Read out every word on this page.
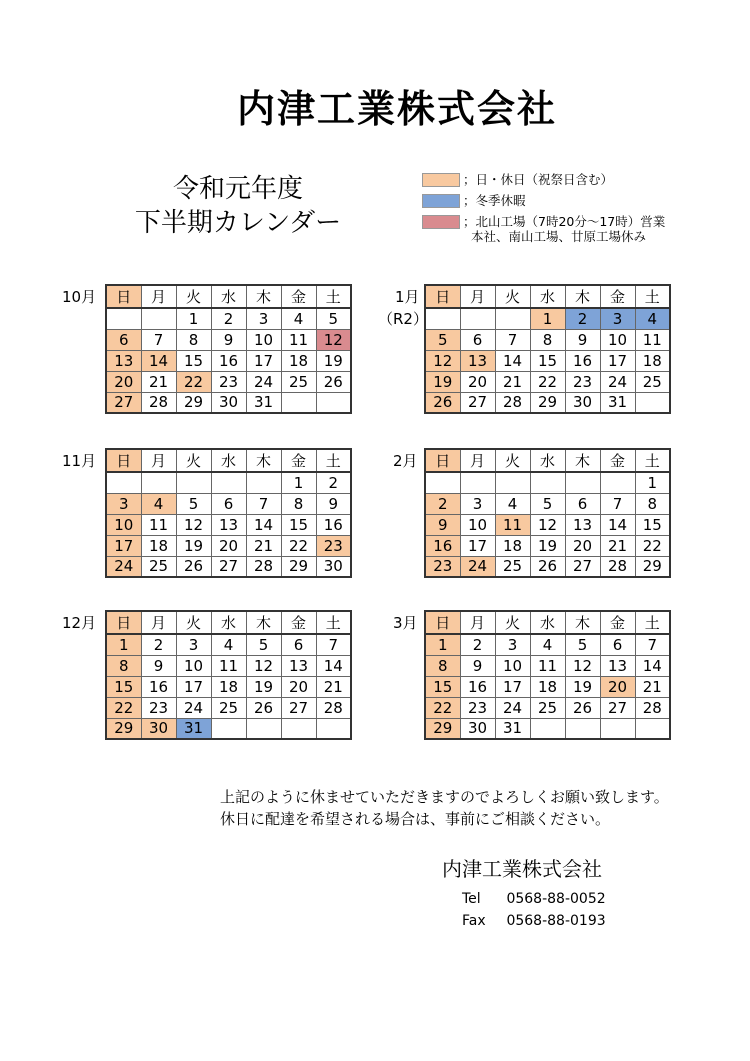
内津工業株式会社
令和元年度
下半期カレンダー
；日・休日（祝祭日含む）
；冬季休暇
；北山工場（7時20分～17時）営業
本社、南山工場、廿原工場休み
10月 日	月	火	水	木	金	土
		1	2	3	4	5
6	7	8	9	10	11	12
13	14	15	16	17	18	19
20	21	22	23	24	25	26
27	28	29	30	31		
1月
（R2）
日	月	火	水	木	金	土
			1	2	3	4
5	6	7	8	9	10	11
12	13	14	15	16	17	18
19	20	21	22	23	24	25
26	27	28	29	30	31	
11月 日	月	火	水	木	金	土
					1	2
3	4	5	6	7	8	9
10	11	12	13	14	15	16
17	18	19	20	21	22	23
24	25	26	27	28	29	30
2月 日	月	火	水	木	金	土
						1
2	3	4	5	6	7	8
9	10	11	12	13	14	15
16	17	18	19	20	21	22
23	24	25	26	27	28	29
12月 日	月	火	水	木	金	土
1	2	3	4	5	6	7
8	9	10	11	12	13	14
15	16	17	18	19	20	21
22	23	24	25	26	27	28
29	30	31				
3月 日	月	火	水	木	金	土
1	2	3	4	5	6	7
8	9	10	11	12	13	14
15	16	17	18	19	20	21
22	23	24	25	26	27	28
29	30	31				
上記のように休ませていただきますのでよろしくお願い致します。
休日に配達を希望される場合は、事前にご相談ください。
内津工業株式会社
Tel 0568-88-0052
Fax 0568-88-0193
